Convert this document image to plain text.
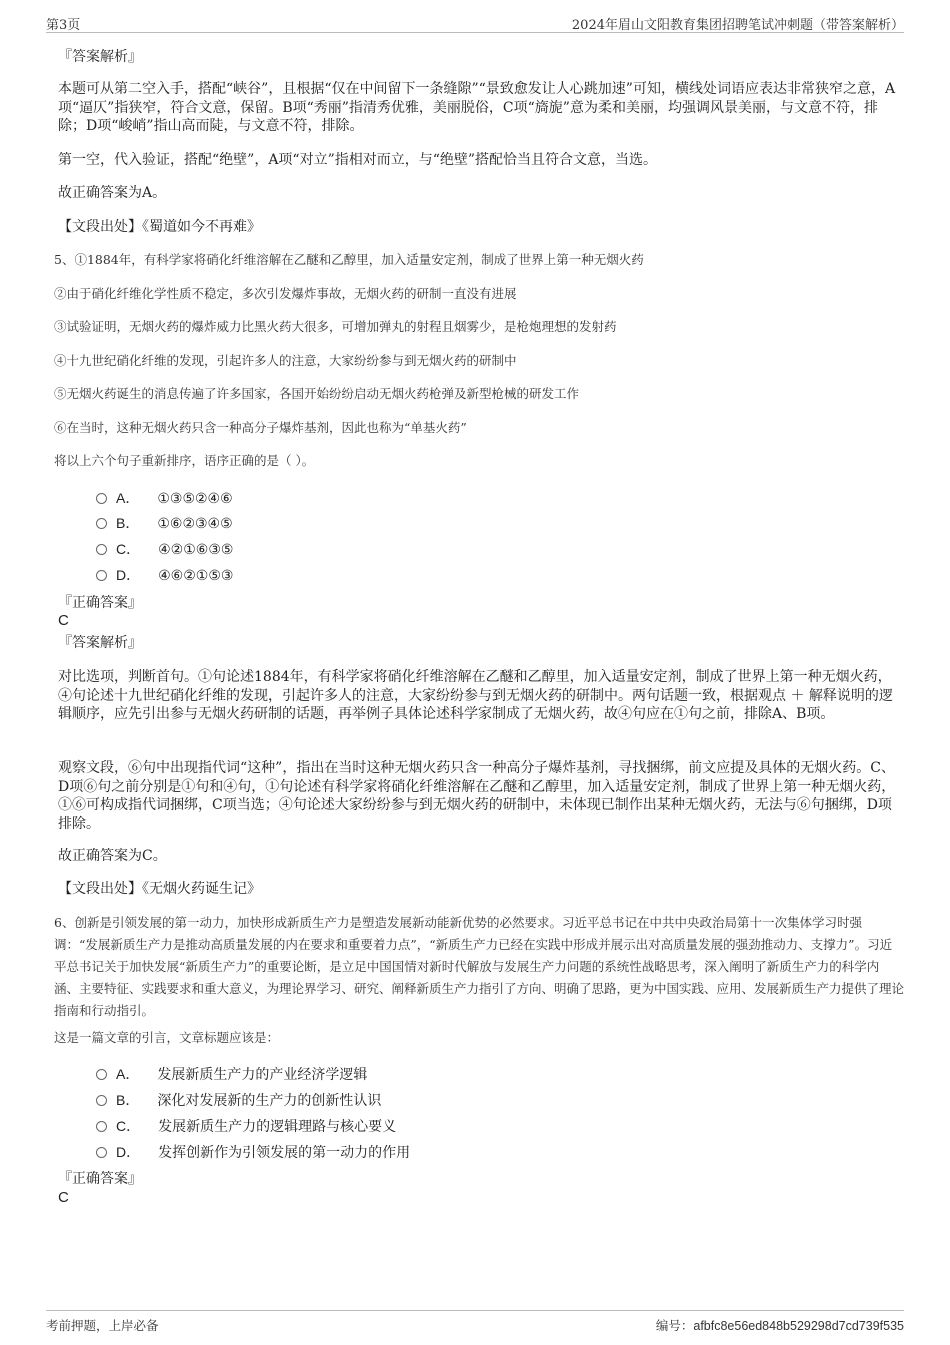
第3页	2024年眉山文阳教育集团招聘笔试冲刺题（带答案解析）
『答案解析』
本题可从第二空入手，搭配“峡谷”，且根据“仅在中间留下一条缝隙”“景致愈发让人心跳加速”可知，横线处词语应表达非常狭窄之意，A项“逼仄”指狭窄，符合文意，保留。B项“秀丽”指清秀优雅，美丽脱俗，C项“旖旎”意为柔和美丽，均强调风景美丽，与文意不符，排除；D项“峻峭”指山高而陡，与文意不符，排除。
第一空，代入验证，搭配“绝壁”，A项“对立”指相对而立，与“绝壁”搭配恰当且符合文意，当选。
故正确答案为A。
【文段出处】《蜀道如今不再难》
5、①1884年，有科学家将硝化纤维溶解在乙醚和乙醇里，加入适量安定剂，制成了世界上第一种无烟火药
②由于硝化纤维化学性质不稳定，多次引发爆炸事故，无烟火药的研制一直没有进展
③试验证明，无烟火药的爆炸威力比黑火药大很多，可增加弹丸的射程且烟雾少，是枪炮理想的发射药
④十九世纪硝化纤维的发现，引起许多人的注意，大家纷纷参与到无烟火药的研制中
⑤无烟火药诞生的消息传遍了许多国家，各国开始纷纷启动无烟火药枪弹及新型枪械的研发工作
⑥在当时，这种无烟火药只含一种高分子爆炸基剂，因此也称为“单基火药”
将以上六个句子重新排序，语序正确的是（ ）。
A． ①③⑤②④⑥
B． ①⑥②③④⑤
C． ④②①⑥③⑤
D． ④⑥②①⑤③
『正确答案』
C
『答案解析』
对比选项，判断首句。①句论述1884年，有科学家将硝化纤维溶解在乙醚和乙醇里，加入适量安定剂，制成了世界上第一种无烟火药，④句论述十九世纪硝化纤维的发现，引起许多人的注意，大家纷纷参与到无烟火药的研制中。两句话题一致，根据观点 ＋ 解释说明的逻辑顺序，应先引出参与无烟火药研制的话题，再举例子具体论述科学家制成了无烟火药，故④句应在①句之前，排除A、B项。
观察文段，⑥句中出现指代词“这种”，指出在当时这种无烟火药只含一种高分子爆炸基剂，寻找捆绑，前文应提及具体的无烟火药。C、D项⑥句之前分别是①句和④句，①句论述有科学家将硝化纤维溶解在乙醚和乙醇里，加入适量安定剂，制成了世界上第一种无烟火药，①⑥可构成指代词捆绑，C项当选；④句论述大家纷纷参与到无烟火药的研制中，未体现已制作出某种无烟火药，无法与⑥句捆绑，D项排除。
故正确答案为C。
【文段出处】《无烟火药诞生记》
6、创新是引领发展的第一动力，加快形成新质生产力是塑造发展新动能新优势的必然要求。习近平总书记在中共中央政治局第十一次集体学习时强调：“发展新质生产力是推动高质量发展的内在要求和重要着力点”，“新质生产力已经在实践中形成并展示出对高质量发展的强劲推动力、支撑力”。习近平总书记关于加快发展“新质生产力”的重要论断，是立足中国国情对新时代解放与发展生产力问题的系统性战略思考，深入阐明了新质生产力的科学内涵、主要特征、实践要求和重大意义，为理论界学习、研究、阐释新质生产力指引了方向、明确了思路，更为中国实践、应用、发展新质生产力提供了理论指南和行动指引。
这是一篇文章的引言，文章标题应该是：
A． 发展新质生产力的产业经济学逻辑
B． 深化对发展新的生产力的创新性认识
C． 发展新质生产力的逻辑理路与核心要义
D． 发挥创新作为引领发展的第一动力的作用
『正确答案』
C
考前押题，上岸必备	编号：afbfc8e56ed848b529298d7cd739f535
